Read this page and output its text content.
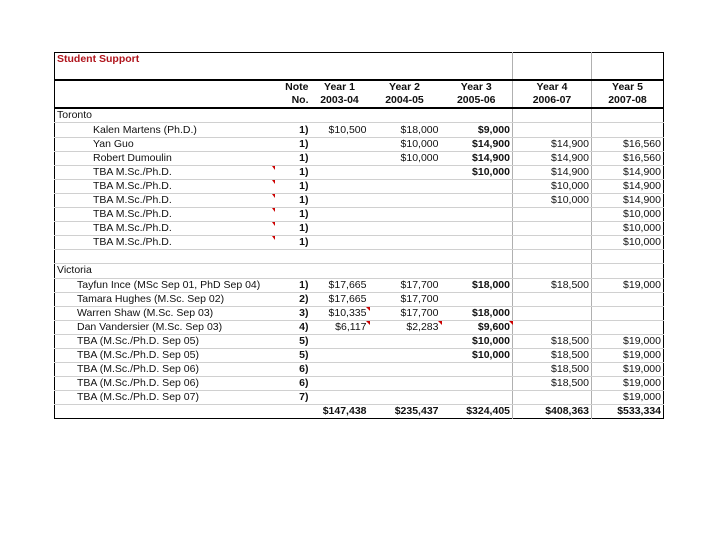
Student Support						

	Note	Year 1	Year 2	Year 3	Year 4	Year 5
	No.	2003-04	2004-05	2005-06	2006-07	2007-08
Toronto						
Kalen Martens (Ph.D.)	1)	$10,500	$18,000	$9,000		
Yan Guo	1)		$10,000	$14,900	$14,900	$16,560
Robert Dumoulin	1)		$10,000	$14,900	$14,900	$16,560
TBA M.Sc./Ph.D.	1)			$10,000	$14,900	$14,900
TBA M.Sc./Ph.D.	1)				$10,000	$14,900
TBA M.Sc./Ph.D.	1)				$10,000	$14,900
TBA M.Sc./Ph.D.	1)					$10,000
TBA M.Sc./Ph.D.	1)					$10,000
TBA M.Sc./Ph.D.	1)					$10,000

Victoria						
Tayfun Ince (MSc Sep 01, PhD Sep 04)	1)	$17,665	$17,700	$18,000	$18,500	$19,000
Tamara Hughes (M.Sc. Sep 02)	2)	$17,665	$17,700			
Warren Shaw (M.Sc. Sep 03)	3)	$10,335	$17,700	$18,000		
Dan Vandersier (M.Sc. Sep 03)	4)	$6,117	$2,283	$9,600		
TBA (M.Sc./Ph.D. Sep 05)	5)			$10,000	$18,500	$19,000
TBA (M.Sc./Ph.D. Sep 05)	5)			$10,000	$18,500	$19,000
TBA (M.Sc./Ph.D. Sep 06)	6)				$18,500	$19,000
TBA (M.Sc./Ph.D. Sep 06)	6)				$18,500	$19,000
TBA (M.Sc./Ph.D. Sep 07)	7)					$19,000
		$147,438	$235,437	$324,405	$408,363	$533,334
